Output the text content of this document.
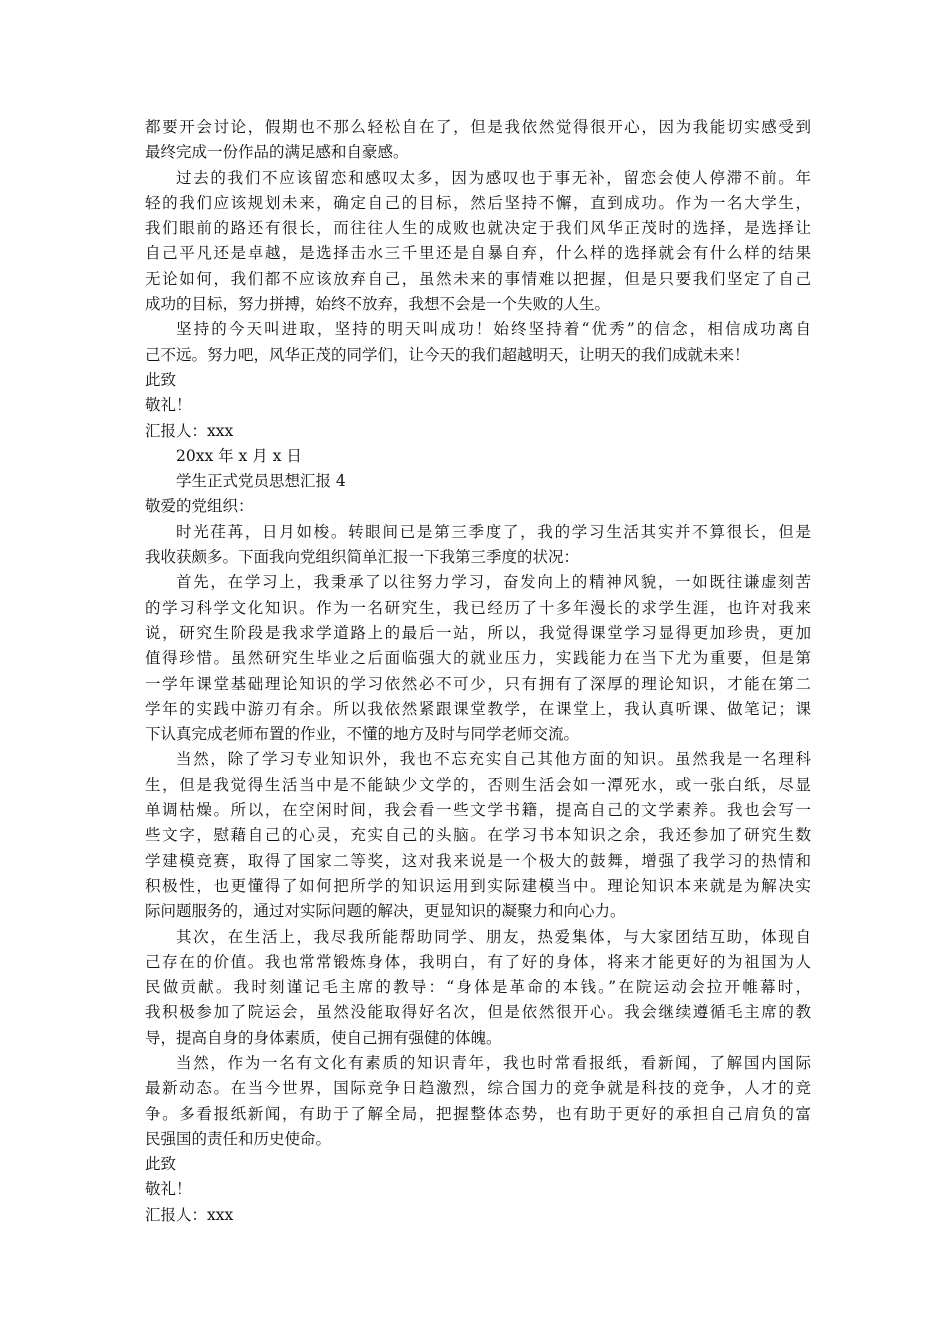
都要开会讨论，假期也不那么轻松自在了，但是我依然觉得很开心，因为我能切实感受到
最终完成一份作品的满足感和自豪感。
过去的我们不应该留恋和感叹太多，因为感叹也于事无补，留恋会使人停滞不前。年
轻的我们应该规划未来，确定自己的目标，然后坚持不懈，直到成功。作为一名大学生，
我们眼前的路还有很长，而往往人生的成败也就决定于我们风华正茂时的选择，是选择让
自己平凡还是卓越，是选择击水三千里还是自暴自弃，什么样的选择就会有什么样的结果
无论如何，我们都不应该放弃自己，虽然未来的事情难以把握，但是只要我们坚定了自己
成功的目标，努力拼搏，始终不放弃，我想不会是一个失败的人生。
坚持的今天叫进取，坚持的明天叫成功！始终坚持着“优秀”的信念，相信成功离自
己不远。努力吧，风华正茂的同学们，让今天的我们超越明天，让明天的我们成就未来！
此致
敬礼！
汇报人：xxx
20xx 年 x 月 x 日
学生正式党员思想汇报 4
敬爱的党组织：
时光荏苒，日月如梭。转眼间已是第三季度了，我的学习生活其实并不算很长，但是
我收获颇多。下面我向党组织简单汇报一下我第三季度的状况：
首先，在学习上，我秉承了以往努力学习，奋发向上的精神风貌，一如既往谦虚刻苦
的学习科学文化知识。作为一名研究生，我已经历了十多年漫长的求学生涯，也许对我来
说，研究生阶段是我求学道路上的最后一站，所以，我觉得课堂学习显得更加珍贵，更加
值得珍惜。虽然研究生毕业之后面临强大的就业压力，实践能力在当下尤为重要，但是第
一学年课堂基础理论知识的学习依然必不可少，只有拥有了深厚的理论知识，才能在第二
学年的实践中游刃有余。所以我依然紧跟课堂教学，在课堂上，我认真听课、做笔记；课
下认真完成老师布置的作业，不懂的地方及时与同学老师交流。
当然，除了学习专业知识外，我也不忘充实自己其他方面的知识。虽然我是一名理科
生，但是我觉得生活当中是不能缺少文学的，否则生活会如一潭死水，或一张白纸，尽显
单调枯燥。所以，在空闲时间，我会看一些文学书籍，提高自己的文学素养。我也会写一
些文字，慰藉自己的心灵，充实自己的头脑。在学习书本知识之余，我还参加了研究生数
学建模竞赛，取得了国家二等奖，这对我来说是一个极大的鼓舞，增强了我学习的热情和
积极性，也更懂得了如何把所学的知识运用到实际建模当中。理论知识本来就是为解决实
际问题服务的，通过对实际问题的解决，更显知识的凝聚力和向心力。
其次，在生活上，我尽我所能帮助同学、朋友，热爱集体，与大家团结互助，体现自
己存在的价值。我也常常锻炼身体，我明白，有了好的身体，将来才能更好的为祖国为人
民做贡献。我时刻谨记毛主席的教导：“身体是革命的本钱。”在院运动会拉开帷幕时，
我积极参加了院运会，虽然没能取得好名次，但是依然很开心。我会继续遵循毛主席的教
导，提高自身的身体素质，使自己拥有强健的体魄。
当然，作为一名有文化有素质的知识青年，我也时常看报纸，看新闻，了解国内国际
最新动态。在当今世界，国际竞争日趋激烈，综合国力的竞争就是科技的竞争，人才的竞
争。多看报纸新闻，有助于了解全局，把握整体态势，也有助于更好的承担自己肩负的富
民强国的责任和历史使命。
此致
敬礼！
汇报人：xxx
